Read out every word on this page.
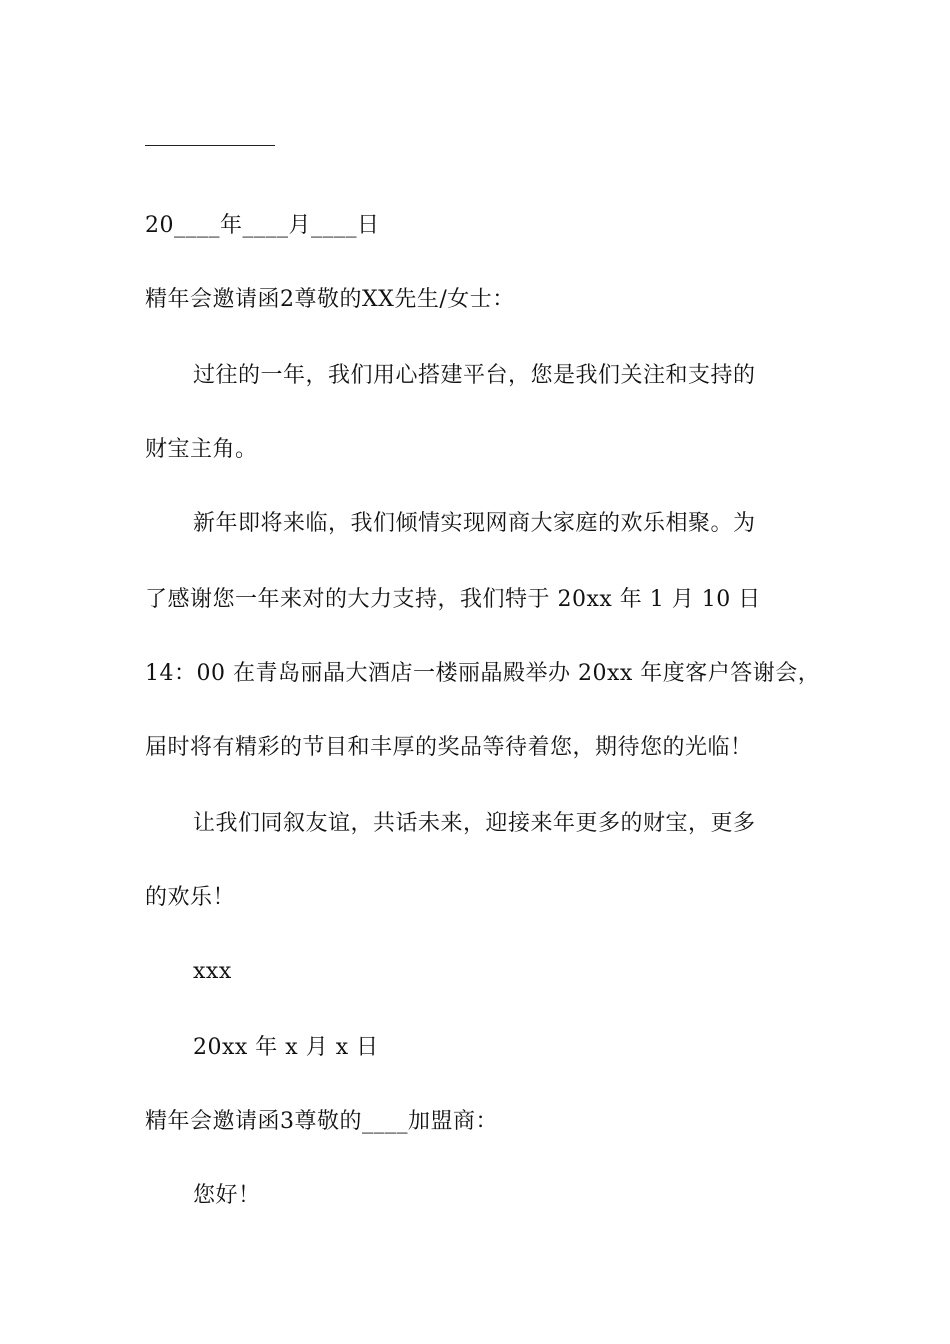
20____年____月____日
精年会邀请函2尊敬的XX先生/女士：
过往的一年，我们用心搭建平台，您是我们关注和支持的
财宝主角。
新年即将来临，我们倾情实现网商大家庭的欢乐相聚。为
了感谢您一年来对的大力支持，我们特于 20xx 年 1 月 10 日
14：00 在青岛丽晶大酒店一楼丽晶殿举办 20xx 年度客户答谢会，
届时将有精彩的节目和丰厚的奖品等待着您，期待您的光临！
让我们同叙友谊，共话未来，迎接来年更多的财宝，更多
的欢乐！
xxx
20xx 年 x 月 x 日
精年会邀请函3尊敬的____加盟商：
您好！
